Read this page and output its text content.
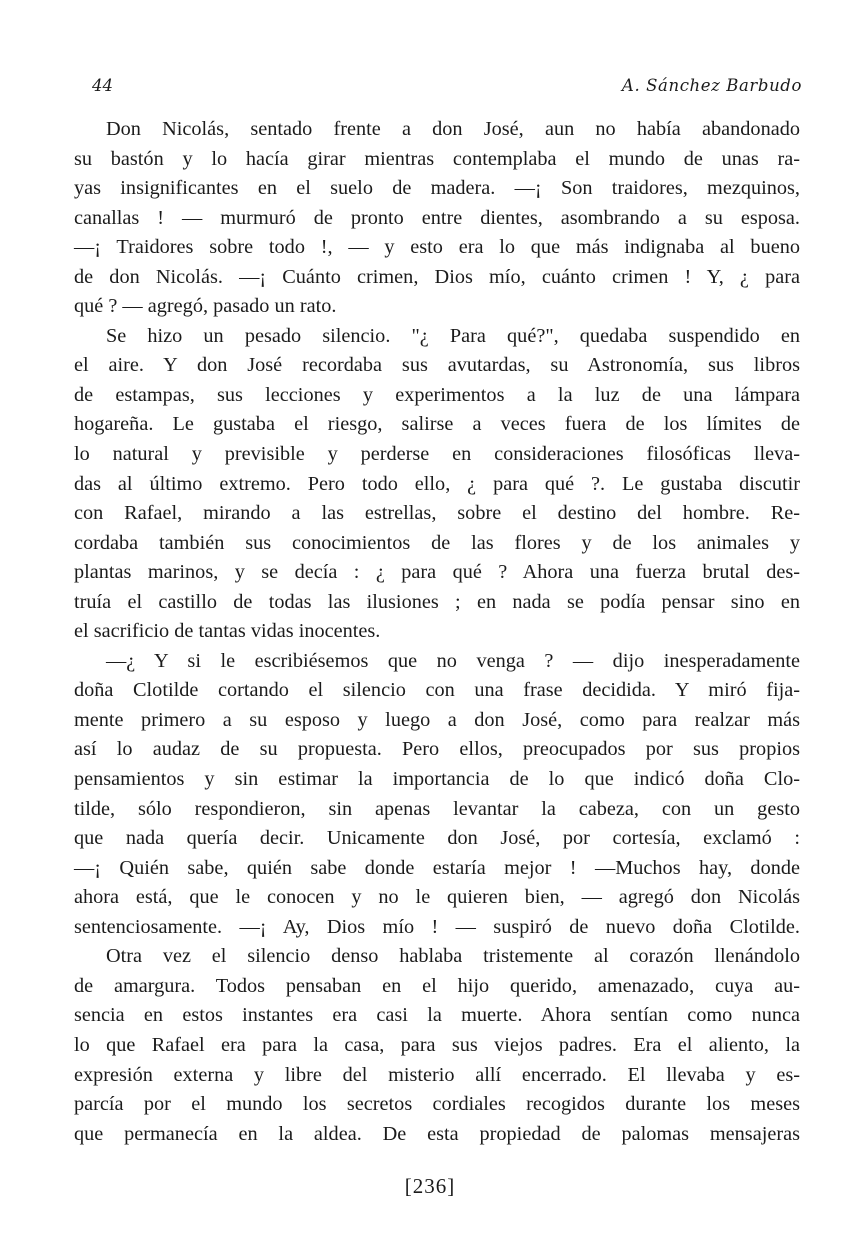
44	A. Sánchez Barbudo
Don Nicolás, sentado frente a don José, aun no había abandonado
su bastón y lo hacía girar mientras contemplaba el mundo de unas ra-
yas insignificantes en el suelo de madera. —¡ Son traidores, mezquinos,
canallas ! — murmuró de pronto entre dientes, asombrando a su esposa.
—¡ Traidores sobre todo !, — y esto era lo que más indignaba al bueno
de don Nicolás. —¡ Cuánto crimen, Dios mío, cuánto crimen ! Y, ¿ para
qué ? — agregó, pasado un rato.
Se hizo un pesado silencio. "¿ Para qué?", quedaba suspendido en
el aire. Y don José recordaba sus avutardas, su Astronomía, sus libros
de estampas, sus lecciones y experimentos a la luz de una lámpara
hogareña. Le gustaba el riesgo, salirse a veces fuera de los límites de
lo natural y previsible y perderse en consideraciones filosóficas lleva-
das al último extremo. Pero todo ello, ¿ para qué ?. Le gustaba discutir
con Rafael, mirando a las estrellas, sobre el destino del hombre. Re-
cordaba también sus conocimientos de las flores y de los animales y
plantas marinos, y se decía : ¿ para qué ? Ahora una fuerza brutal des-
truía el castillo de todas las ilusiones ; en nada se podía pensar sino en
el sacrificio de tantas vidas inocentes.
—¿ Y si le escribiésemos que no venga ? — dijo inesperadamente
doña Clotilde cortando el silencio con una frase decidida. Y miró fija-
mente primero a su esposo y luego a don José, como para realzar más
así lo audaz de su propuesta. Pero ellos, preocupados por sus propios
pensamientos y sin estimar la importancia de lo que indicó doña Clo-
tilde, sólo respondieron, sin apenas levantar la cabeza, con un gesto
que nada quería decir. Unicamente don José, por cortesía, exclamó :
—¡ Quién sabe, quién sabe donde estaría mejor ! —Muchos hay, donde
ahora está, que le conocen y no le quieren bien, — agregó don Nicolás
sentenciosamente. —¡ Ay, Dios mío ! — suspiró de nuevo doña Clotilde.
Otra vez el silencio denso hablaba tristemente al corazón llenándolo
de amargura. Todos pensaban en el hijo querido, amenazado, cuya au-
sencia en estos instantes era casi la muerte. Ahora sentían como nunca
lo que Rafael era para la casa, para sus viejos padres. Era el aliento, la
expresión externa y libre del misterio allí encerrado. El llevaba y es-
parcía por el mundo los secretos cordiales recogidos durante los meses
que permanecía en la aldea. De esta propiedad de palomas mensajeras
[236]
